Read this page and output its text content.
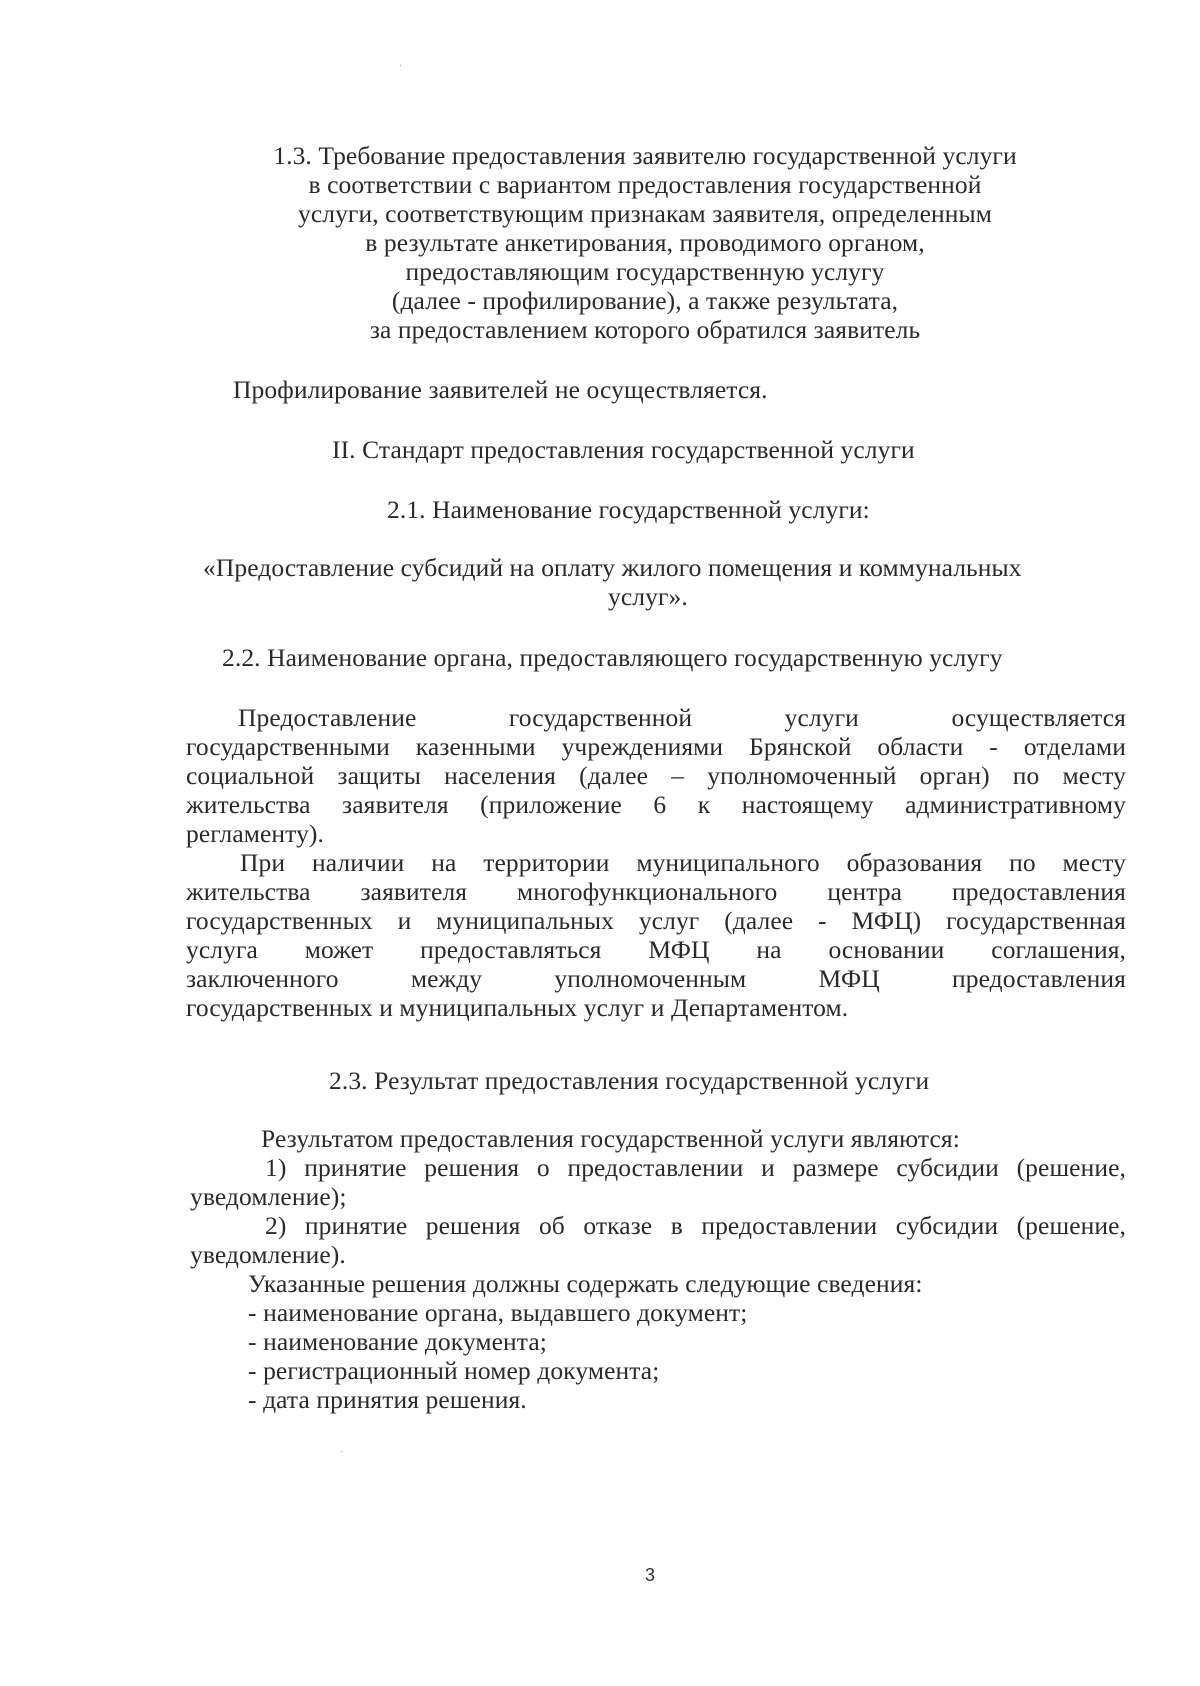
1.3. Требование предоставления заявителю государственной услуги
в соответствии с вариантом предоставления государственной
услуги, соответствующим признакам заявителя, определенным
в результате анкетирования, проводимого органом,
предоставляющим государственную услугу
(далее - профилирование), а также результата,
за предоставлением которого обратился заявитель
Профилирование заявителей не осуществляется.
II. Стандарт предоставления государственной услуги
2.1. Наименование государственной услуги:
«Предоставление субсидий на оплату жилого помещения и коммунальных
услуг».
2.2. Наименование органа, предоставляющего государственную услугу
Предоставление государственной услуги осуществляется
государственными казенными учреждениями Брянской области - отделами
социальной защиты населения (далее – уполномоченный орган) по месту
жительства заявителя (приложение 6 к настоящему административному
регламенту).
При наличии на территории муниципального образования по месту
жительства заявителя многофункционального центра предоставления
государственных и муниципальных услуг (далее - МФЦ) государственная
услуга может предоставляться МФЦ на основании соглашения,
заключенного между уполномоченным МФЦ предоставления
государственных и муниципальных услуг и Департаментом.
2.3. Результат предоставления государственной услуги
Результатом предоставления государственной услуги являются:
1) принятие решения о предоставлении и размере субсидии (решение,
уведомление);
2) принятие решения об отказе в предоставлении субсидии (решение,
уведомление).
Указанные решения должны содержать следующие сведения:
- наименование органа, выдавшего документ;
- наименование документа;
- регистрационный номер документа;
- дата принятия решения.
3
